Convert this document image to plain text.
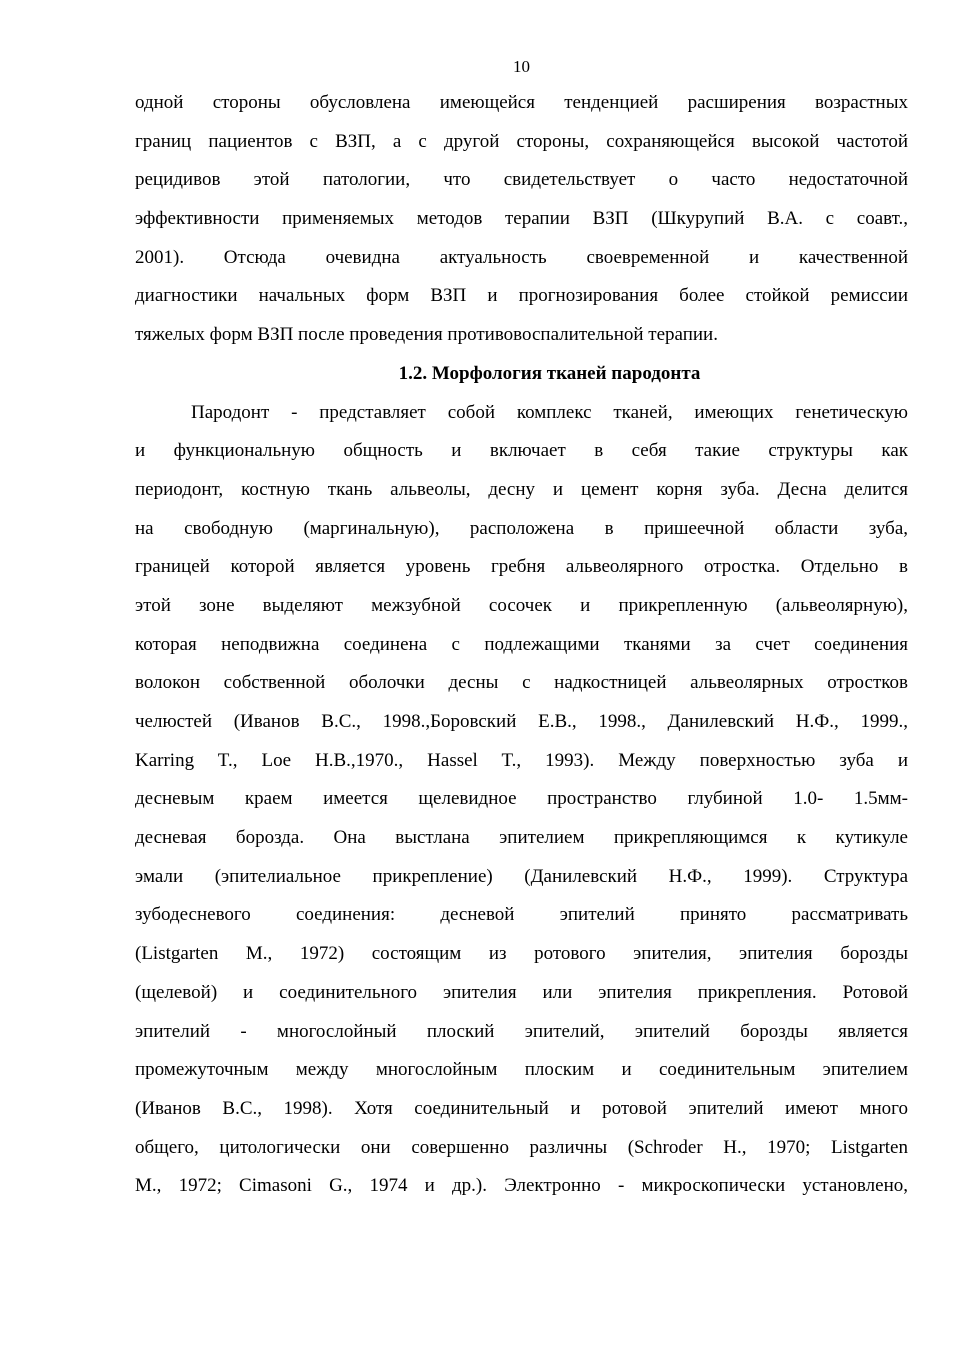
10
одной стороны обусловлена имеющейся тенденцией расширения возрастных
границ пациентов с ВЗП, а с другой стороны, сохраняющейся высокой частотой
рецидивов этой патологии, что свидетельствует о часто недостаточной
эффективности применяемых методов терапии ВЗП (Шкурупий В.А. с соавт.,
2001). Отсюда очевидна актуальность своевременной и качественной
диагностики начальных форм ВЗП и прогнозирования более стойкой ремиссии
тяжелых форм ВЗП после проведения противовоспалительной терапии.
1.2. Морфология тканей пародонта
Пародонт - представляет собой комплекс тканей, имеющих генетическую
и функциональную общность и включает в себя такие структуры как
периодонт, костную ткань альвеолы, десну и цемент корня зуба. Десна делится
на свободную (маргинальную), расположена в пришеечной области зуба,
границей которой является уровень гребня альвеолярного отростка. Отдельно в
этой зоне выделяют межзубной сосочек и прикрепленную (альвеолярную),
которая неподвижна соединена с подлежащими тканями за счет соединения
волокон собственной оболочки десны с надкостницей альвеолярных отростков
челюстей (Иванов В.С., 1998.,Боровский Е.В., 1998., Данилевский Н.Ф., 1999.,
Karring T., Loe H.B.,1970., Hassel T., 1993). Между поверхностью зуба и
десневым краем имеется щелевидное пространство глубиной 1.0- 1.5мм-
десневая борозда. Она выстлана эпителием прикрепляющимся к кутикуле
эмали (эпителиальное прикрепление) (Данилевский Н.Ф., 1999). Структура
зубодесневого соединения: десневой эпителий принято рассматривать
(Listgarten M., 1972) состоящим из ротового эпителия, эпителия борозды
(щелевой) и соединительного эпителия или эпителия прикрепления. Ротовой
эпителий - многослойный плоский эпителий, эпителий борозды является
промежуточным между многослойным плоским и соединительным эпителием
(Иванов В.С., 1998). Хотя соединительный и ротовой эпителий имеют много
общего, цитологически они совершенно различны (Schroder H., 1970; Listgarten
M., 1972; Cimasoni G., 1974 и др.). Электронно - микроскопически установлено,
